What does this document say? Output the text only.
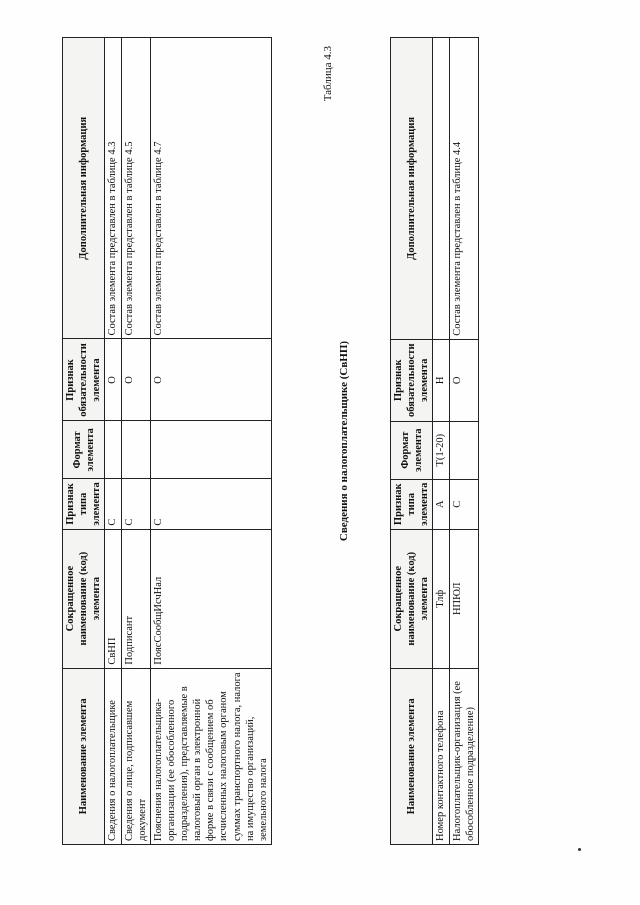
Наименование элемента	Сокращенное наименование (код) элемента	Признак типа элемента	Формат элемента	Признак обязательности элемента	Дополнительная информация
Сведения о налогоплательщике	СвНП	С		О	Состав элемента представлен в таблице 4.3
Сведения о лице, подписавшем документ	Подписант	С		О	Состав элемента представлен в таблице 4.5
Пояснения налогоплательщика-организации (ее обособленного подразделения), представляемые в налоговый орган в электронной форме в связи с сообщением об исчисленных налоговым органом суммах транспортного налога, налога на имущество организаций, земельного налога	ПоясСообщИсчНал	С		О	Состав элемента представлен в таблице 4.7
Таблица 4.3
Сведения о налогоплательщике (СвНП)
Наименование элемента	Сокращенное наименование (код) элемента	Признак типа элемента	Формат элемента	Признак обязательности элемента	Дополнительная информация
Номер контактного телефона	Тлф	А	T(1-20)	Н	
Налогоплательщик-организация (ее обособленное подразделение)	НПЮЛ	С		О	Состав элемента представлен в таблице 4.4
